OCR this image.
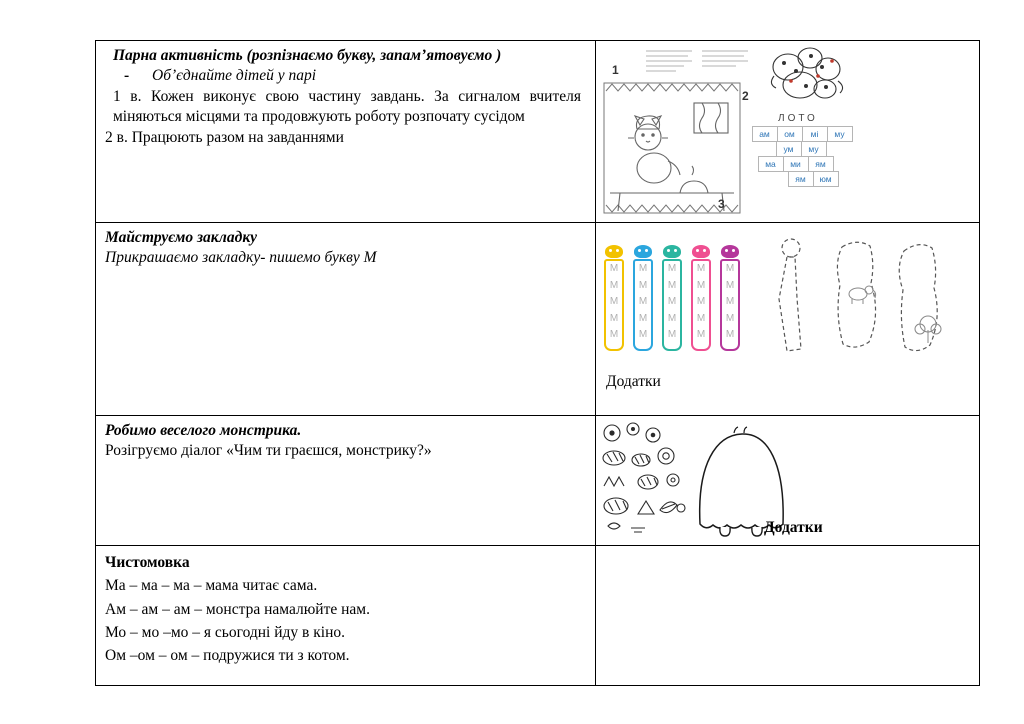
Парна активність (розпізнаємо букву, запам’ятовуємо )

-	Об’єднайте дітей у парі

1 в. Кожен виконує свою частину завдань. За сигналом вчителя міняються місцями та продовжують роботу розпочату сусідом

2 в. Працюють разом на завданнями

1
2
3
ЛОТО
ам	ом	мі	му
ум	му
ма	ми	ям
ям	юм

Майструємо закладку

Прикрашаємо закладку- пишемо букву М

М
М
М
М
М
М
М
М
М
М
М
М
М
М
М
М
М
М
М
М
М
М
М
М
М
Додатки

Робимо веселого монстрика.

Розігруємо діалог «Чим ти граєшся, монстрику?»

Додатки

Чистомовка

Ма – ма – ма – мама читає сама.

Ам – ам – ам – монстра намалюйте нам.

Мо – мо –мо – я сьогодні йду в кіно.

Ом –ом – ом – подружися ти з котом.
